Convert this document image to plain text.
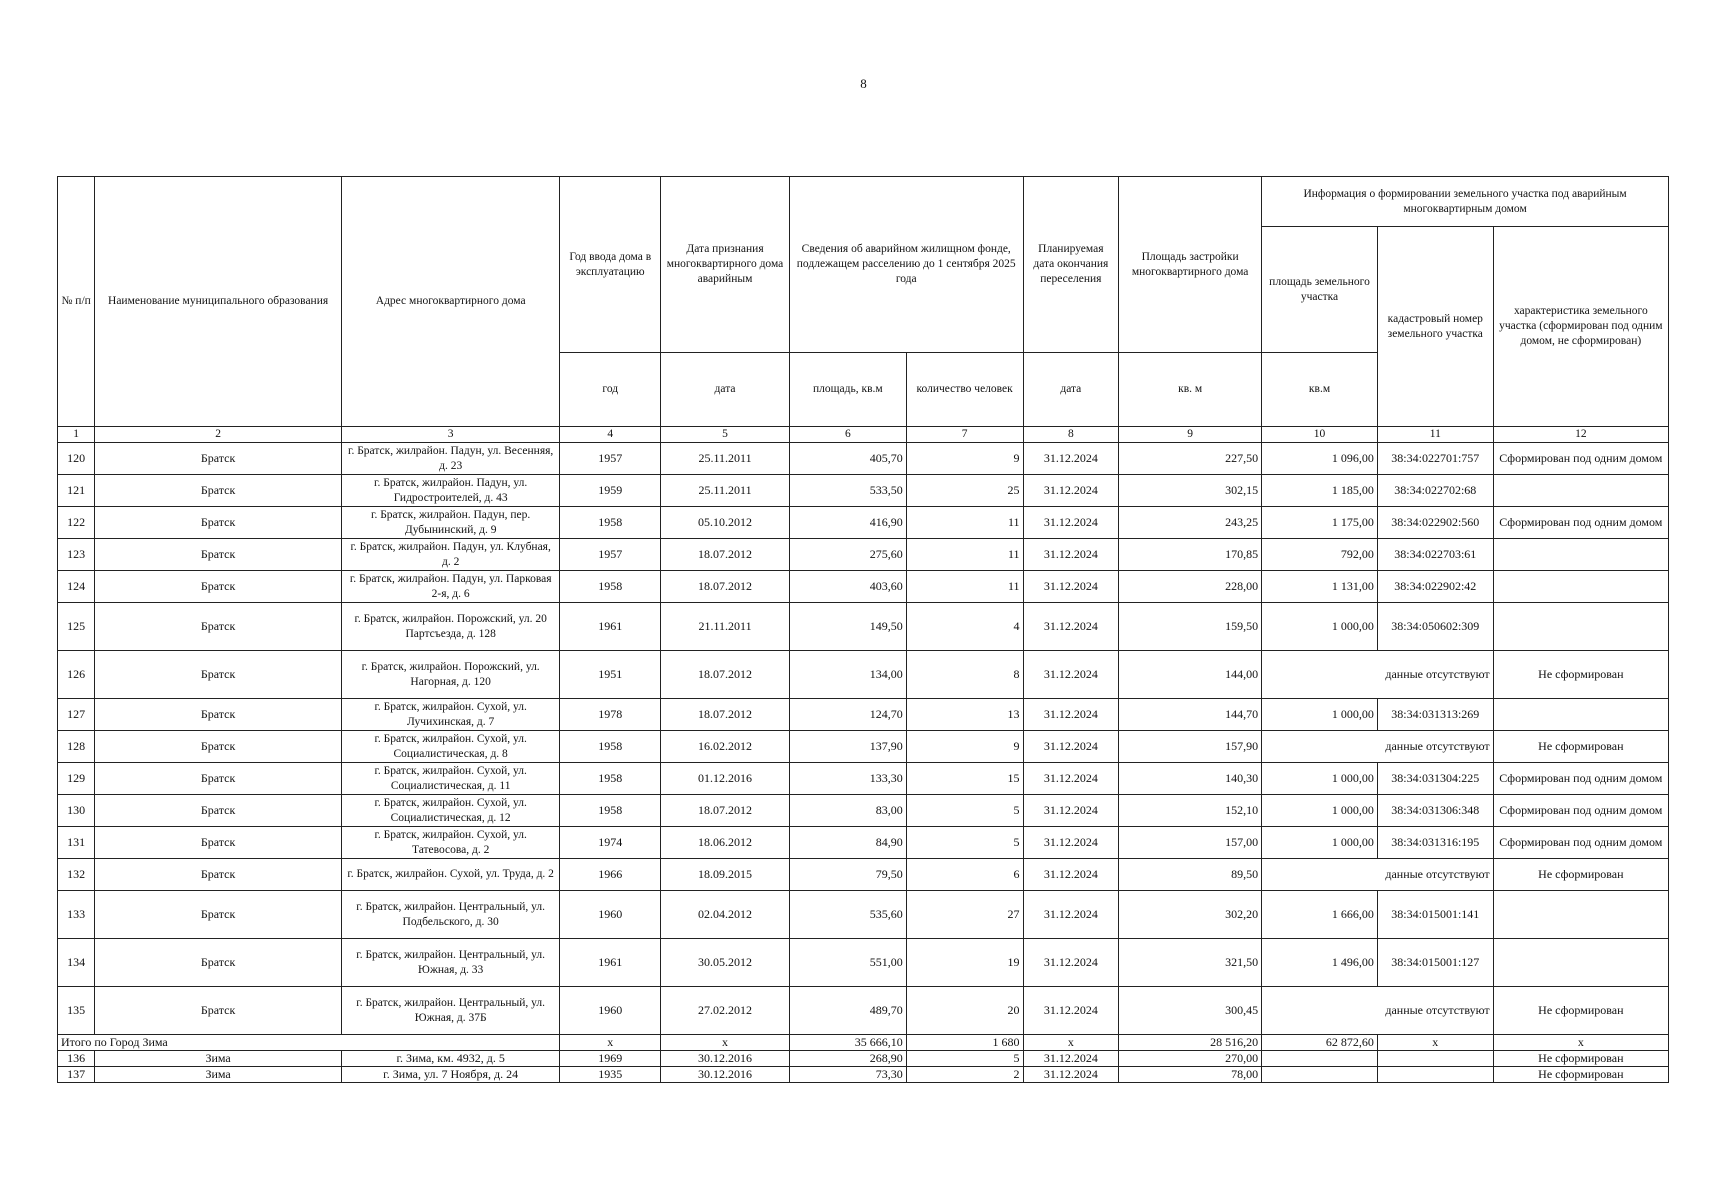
8
№ п/п	Наименование муниципального образования	Адрес многоквартирного дома	Год ввода дома в эксплуатацию	Дата признания многоквартирного дома аварийным	Сведения об аварийном жилищном фонде, подлежащем расселению до 1 сентября 2025 года		Планируемая дата окончания переселения	Площадь застройки многоквартирного дома	Информация о формировании земельного участка под аварийным многоквартирным домом		
									площадь земельного участка	кадастровый номер земельного участка	характеристика земельного участка (сформирован под одним домом, не сформирован)
			год	дата	площадь, кв.м	количество человек	дата	кв. м	кв.м		
1	2	3	4	5	6	7	8	9	10	11	12
120	Братск	г. Братск, жилрайон. Падун, ул. Весенняя, д. 23	1957	25.11.2011	405,70	9	31.12.2024	227,50	1 096,00	38:34:022701:757	Сформирован под одним домом
121	Братск	г. Братск, жилрайон. Падун, ул. Гидростроителей, д. 43	1959	25.11.2011	533,50	25	31.12.2024	302,15	1 185,00	38:34:022702:68	
122	Братск	г. Братск, жилрайон. Падун, пер. Дубынинский, д. 9	1958	05.10.2012	416,90	11	31.12.2024	243,25	1 175,00	38:34:022902:560	Сформирован под одним домом
123	Братск	г. Братск, жилрайон. Падун, ул. Клубная, д. 2	1957	18.07.2012	275,60	11	31.12.2024	170,85	792,00	38:34:022703:61	
124	Братск	г. Братск, жилрайон. Падун, ул. Парковая 2-я, д. 6	1958	18.07.2012	403,60	11	31.12.2024	228,00	1 131,00	38:34:022902:42	
125	Братск	г. Братск, жилрайон. Порожский, ул. 20 Партсъезда, д. 128	1961	21.11.2011	149,50	4	31.12.2024	159,50	1 000,00	38:34:050602:309	
126	Братск	г. Братск, жилрайон. Порожский, ул. Нагорная, д. 120	1951	18.07.2012	134,00	8	31.12.2024	144,00	данные отсутствуют		Не сформирован
127	Братск	г. Братск, жилрайон. Сухой, ул. Лучихинская, д. 7	1978	18.07.2012	124,70	13	31.12.2024	144,70	1 000,00	38:34:031313:269	
128	Братск	г. Братск, жилрайон. Сухой, ул. Социалистическая, д. 8	1958	16.02.2012	137,90	9	31.12.2024	157,90	данные отсутствуют		Не сформирован
129	Братск	г. Братск, жилрайон. Сухой, ул. Социалистическая, д. 11	1958	01.12.2016	133,30	15	31.12.2024	140,30	1 000,00	38:34:031304:225	Сформирован под одним домом
130	Братск	г. Братск, жилрайон. Сухой, ул. Социалистическая, д. 12	1958	18.07.2012	83,00	5	31.12.2024	152,10	1 000,00	38:34:031306:348	Сформирован под одним домом
131	Братск	г. Братск, жилрайон. Сухой, ул. Татевосова, д. 2	1974	18.06.2012	84,90	5	31.12.2024	157,00	1 000,00	38:34:031316:195	Сформирован под одним домом
132	Братск	г. Братск, жилрайон. Сухой, ул. Труда, д. 2	1966	18.09.2015	79,50	6	31.12.2024	89,50	данные отсутствуют		Не сформирован
133	Братск	г. Братск, жилрайон. Центральный, ул. Подбельского, д. 30	1960	02.04.2012	535,60	27	31.12.2024	302,20	1 666,00	38:34:015001:141	
134	Братск	г. Братск, жилрайон. Центральный, ул. Южная, д. 33	1961	30.05.2012	551,00	19	31.12.2024	321,50	1 496,00	38:34:015001:127	
135	Братск	г. Братск, жилрайон. Центральный, ул. Южная, д. 37Б	1960	27.02.2012	489,70	20	31.12.2024	300,45	данные отсутствуют		Не сформирован
Итого по Город Зима			x	x	35 666,10	1 680	x	28 516,20	62 872,60	x	x
136	Зима	г. Зима, км. 4932, д. 5	1969	30.12.2016	268,90	5	31.12.2024	270,00			Не сформирован
137	Зима	г. Зима, ул. 7 Ноября, д. 24	1935	30.12.2016	73,30	2	31.12.2024	78,00			Не сформирован
